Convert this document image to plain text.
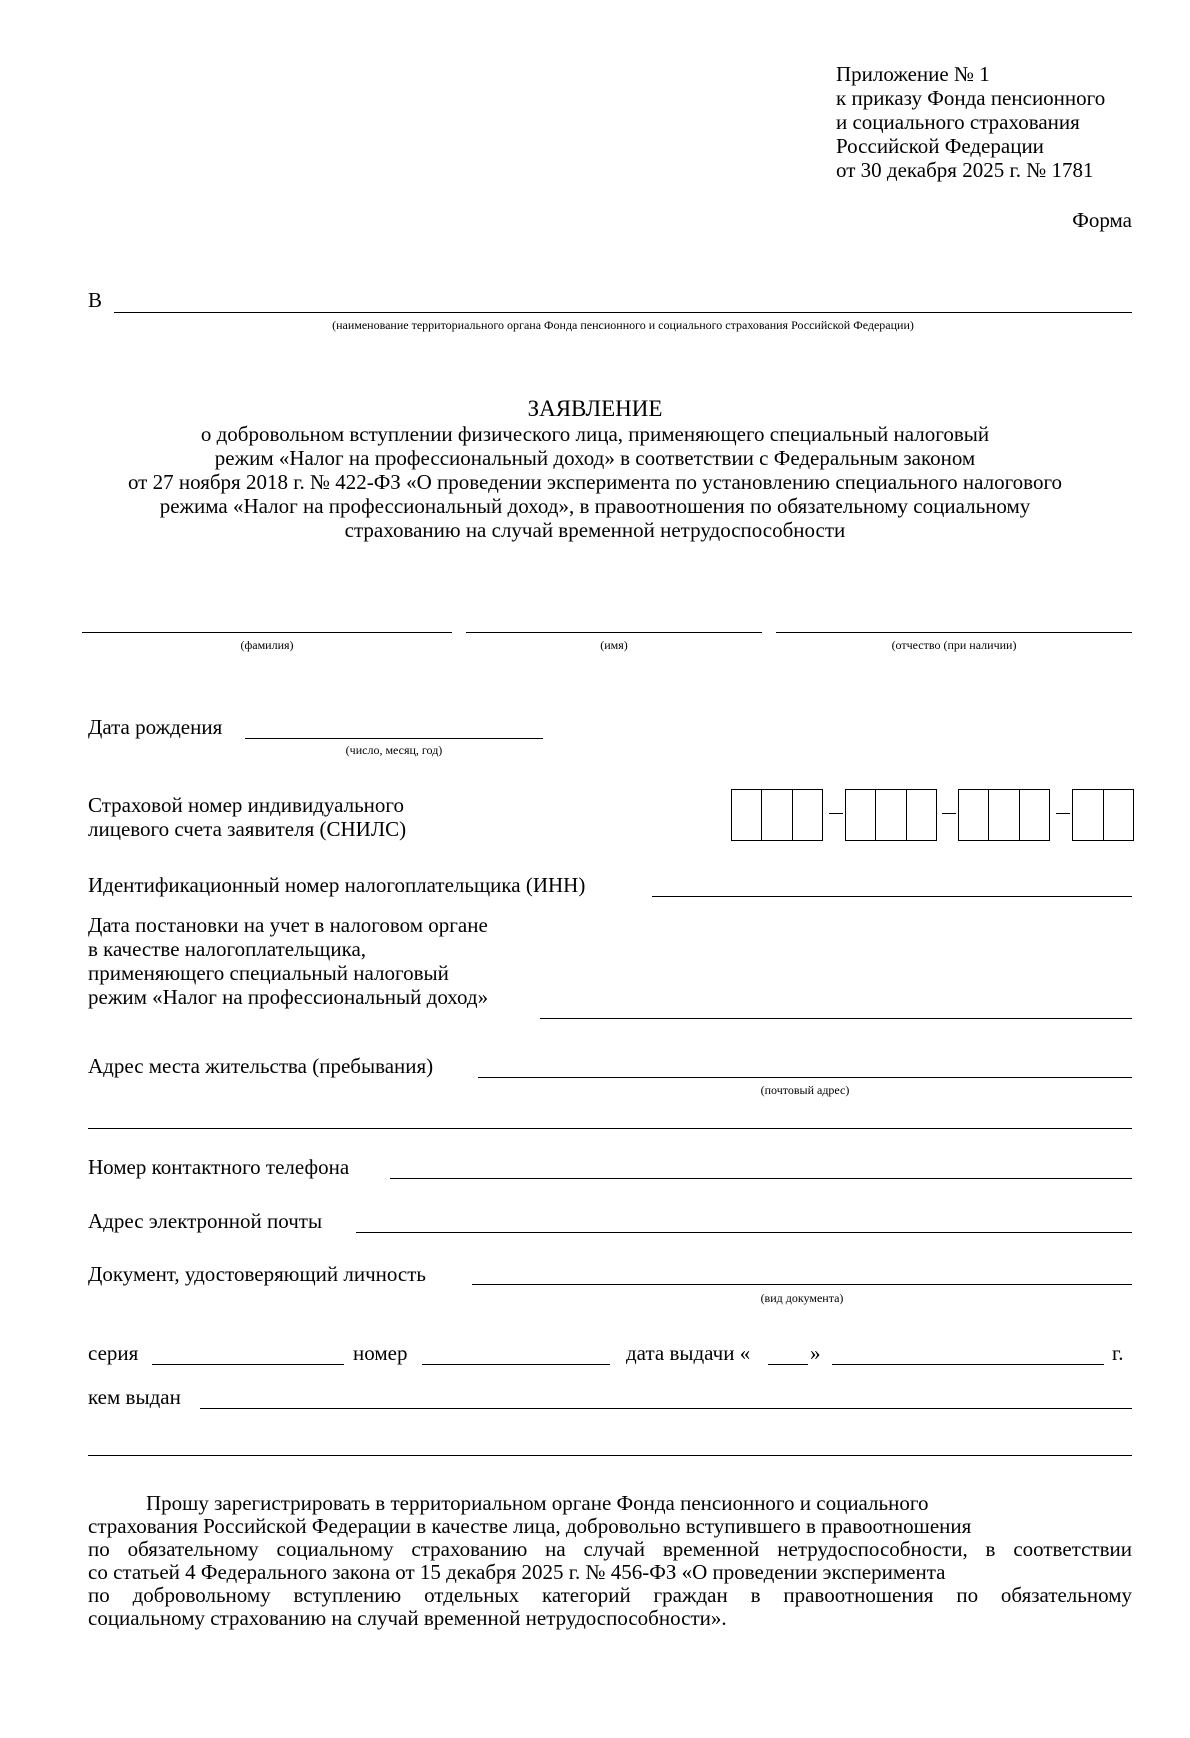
Приложение № 1
к приказу Фонда пенсионного
и социального страхования
Российской Федерации
от 30 декабря 2025 г. № 1781
Форма
В
(наименование территориального органа Фонда пенсионного и социального страхования Российской Федерации)
ЗАЯВЛЕНИЕ
о добровольном вступлении физического лица, применяющего специальный налоговый
режим «Налог на профессиональный доход» в соответствии с Федеральным законом
от 27 ноября 2018 г. № 422-ФЗ «О проведении эксперимента по установлению специального налогового
режима «Налог на профессиональный доход», в правоотношения по обязательному социальному
страхованию на случай временной нетрудоспособности
(фамилия)	(имя)	(отчество (при наличии)
Дата рождения
(число, месяц, год)
Страховой номер индивидуального
лицевого счета заявителя (СНИЛС)
Идентификационный номер налогоплательщика (ИНН)
Дата постановки на учет в налоговом органе
в качестве налогоплательщика,
применяющего специальный налоговый
режим «Налог на профессиональный доход»
Адрес места жительства (пребывания)
(почтовый адрес)
Номер контактного телефона
Адрес электронной почты
Документ, удостоверяющий личность
(вид документа)
серия	номер	дата выдачи «	»	г.
кем выдан
Прошу зарегистрировать в территориальном органе Фонда пенсионного и социального
страхования Российской Федерации в качестве лица, добровольно вступившего в правоотношения
по обязательному социальному страхованию на случай временной нетрудоспособности, в соответствии
со статьей 4 Федерального закона от 15 декабря 2025 г. № 456-ФЗ «О проведении эксперимента
по добровольному вступлению отдельных категорий граждан в правоотношения по обязательному
социальному страхованию на случай временной нетрудоспособности».
